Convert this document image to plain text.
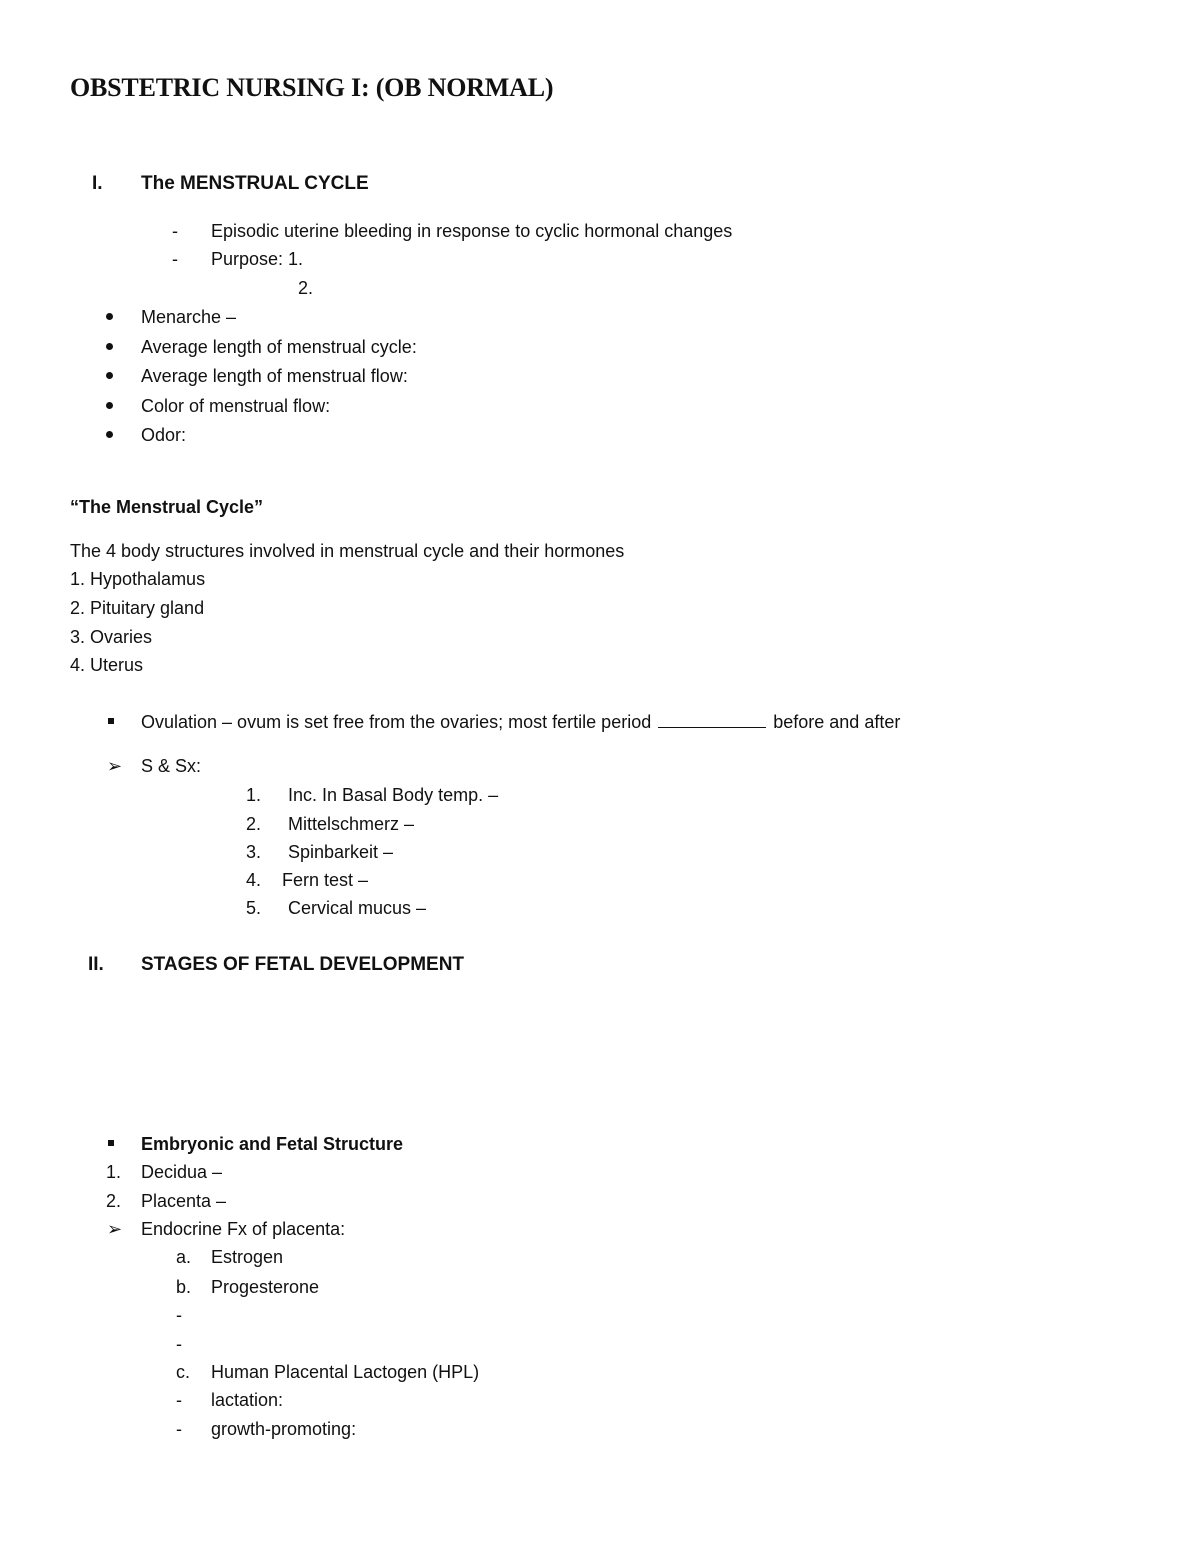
OBSTETRIC NURSING I: (OB NORMAL)
I. The MENSTRUAL CYCLE
- Episodic uterine bleeding in response to cyclic hormonal changes
- Purpose: 1.
2.
Menarche –
Average length of menstrual cycle:
Average length of menstrual flow:
Color of menstrual flow:
Odor:
“The Menstrual Cycle”
The 4 body structures involved in menstrual cycle and their hormones
1. Hypothalamus
2. Pituitary gland
3. Ovaries
4. Uterus
Ovulation – ovum is set free from the ovaries; most fertile period	before and after
➢ S & Sx:
1. Inc. In Basal Body temp. –
2. Mittelschmerz –
3. Spinbarkeit –
4. Fern test –
5. Cervical mucus –
II. STAGES OF FETAL DEVELOPMENT
Embryonic and Fetal Structure
1. Decidua –
2. Placenta –
➢ Endocrine Fx of placenta:
a. Estrogen
b. Progesterone
-
-
c. Human Placental Lactogen (HPL)
- lactation:
- growth-promoting:
